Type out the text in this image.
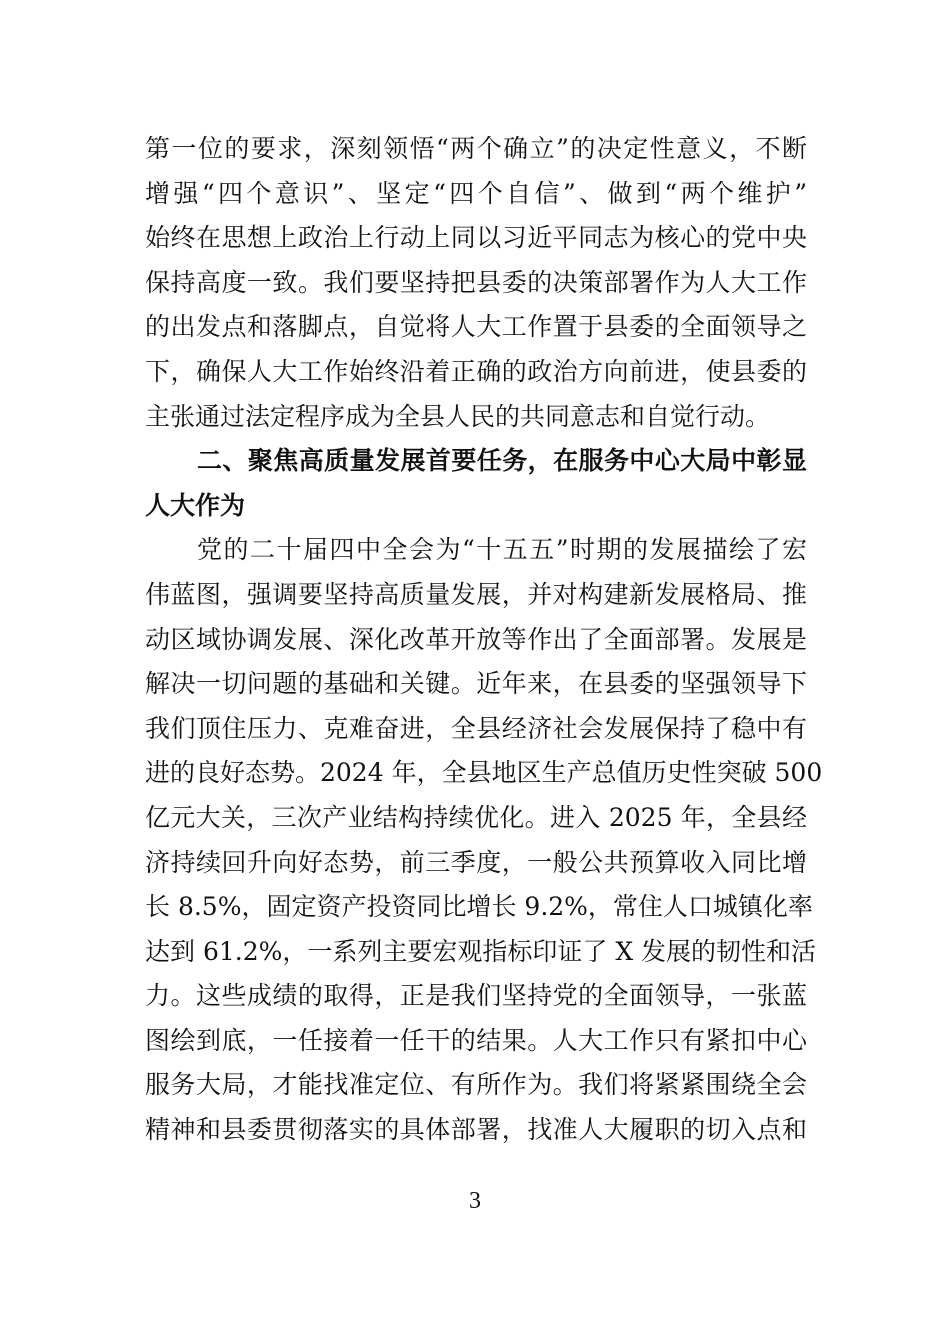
第一位的要求，深刻领悟“两个确立”的决定性意义，不断
增强“四个意识”、坚定“四个自信”、做到“两个维护”
始终在思想上政治上行动上同以习近平同志为核心的党中央
保持高度一致。我们要坚持把县委的决策部署作为人大工作
的出发点和落脚点，自觉将人大工作置于县委的全面领导之
下，确保人大工作始终沿着正确的政治方向前进，使县委的
主张通过法定程序成为全县人民的共同意志和自觉行动。
二、聚焦高质量发展首要任务，在服务中心大局中彰显
人大作为
党的二十届四中全会为“十五五”时期的发展描绘了宏
伟蓝图，强调要坚持高质量发展，并对构建新发展格局、推
动区域协调发展、深化改革开放等作出了全面部署。发展是
解决一切问题的基础和关键。近年来，在县委的坚强领导下
我们顶住压力、克难奋进，全县经济社会发展保持了稳中有
进的良好态势。2024 年，全县地区生产总值历史性突破 500
亿元大关，三次产业结构持续优化。进入 2025 年，全县经
济持续回升向好态势，前三季度，一般公共预算收入同比增
长 8.5%，固定资产投资同比增长 9.2%，常住人口城镇化率
达到 61.2%，一系列主要宏观指标印证了 X 发展的韧性和活
力。这些成绩的取得，正是我们坚持党的全面领导，一张蓝
图绘到底，一任接着一任干的结果。人大工作只有紧扣中心
服务大局，才能找准定位、有所作为。我们将紧紧围绕全会
精神和县委贯彻落实的具体部署，找准人大履职的切入点和
3
